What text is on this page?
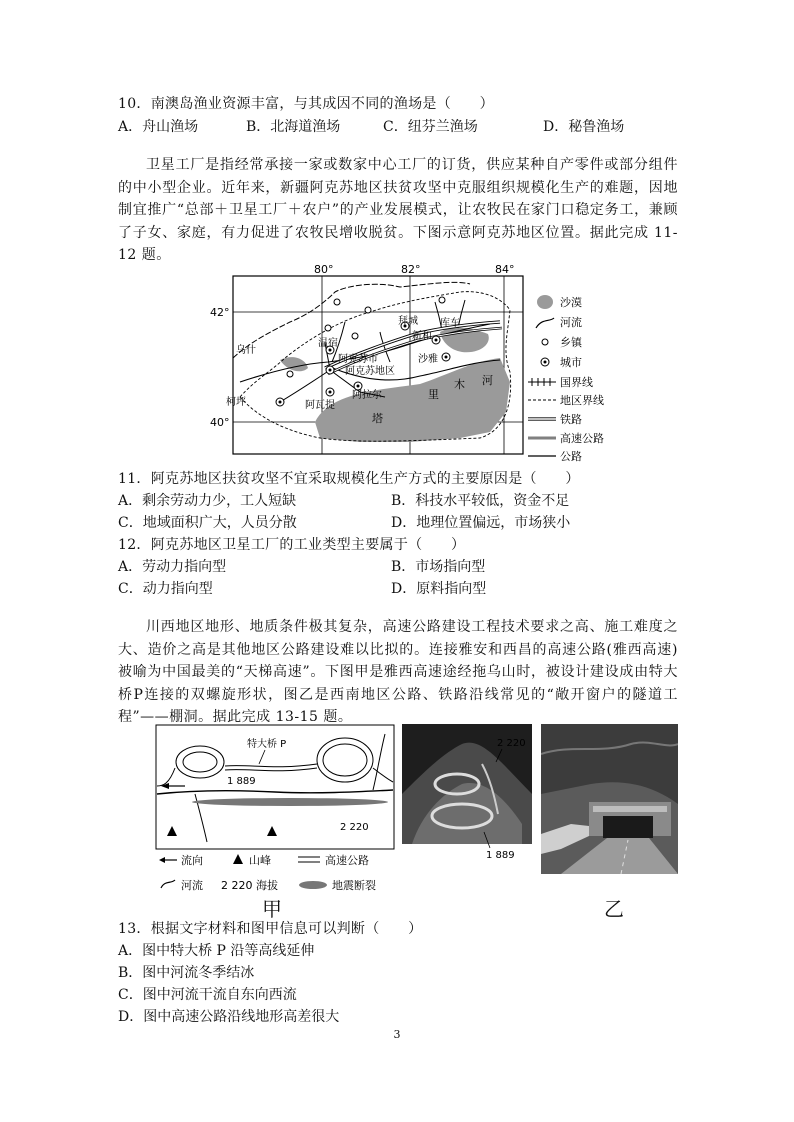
10．南澳岛渔业资源丰富，与其成因不同的渔场是（　　）
A．舟山渔场	B．北海道渔场	C．纽芬兰渔场	D．秘鲁渔场
卫星工厂是指经常承接一家或数家中心工厂的订货，供应某种自产零件或部分组件的中小型企业。近年来，新疆阿克苏地区扶贫攻坚中克服组织规模化生产的难题，因地制宜推广“总部＋卫星工厂＋农户”的产业发展模式，让农牧民在家门口稳定务工，兼顾了子女、家庭，有力促进了农牧民增收脱贫。下图示意阿克苏地区位置。据此完成 11-12 题。
80°	82°	84°
42°
40°
乌什
温宿
阿克苏市
阿克苏地区
拜城 库车
新和
沙雅
柯坪	阿瓦提
阿拉尔
塔
里
木 河
沙漠
河流
乡镇
城市
国界线
地区界线
铁路
高速公路
公路
11．阿克苏地区扶贫攻坚不宜采取规模化生产方式的主要原因是（　　）
A．剩余劳动力少，工人短缺	B．科技水平较低，资金不足
C．地域面积广大，人员分散	D．地理位置偏远，市场狭小
12．阿克苏地区卫星工厂的工业类型主要属于（　　）
A．劳动力指向型	B．市场指向型
C．动力指向型	D．原料指向型
川西地区地形、地质条件极其复杂，高速公路建设工程技术要求之高、施工难度之大、造价之高是其他地区公路建设难以比拟的。连接雅安和西昌的高速公路(雅西高速)被喻为中国最美的“天梯高速”。下图甲是雅西高速途经拖乌山时，被设计建设成由特大桥P连接的双螺旋形状，图乙是西南地区公路、铁路沿线常见的“敞开窗户的隧道工程”——棚洞。据此完成 13-15 题。
特大桥 P
1 889
2 220
流向	山峰	高速公路
河流 2 220 海拔	地震断裂
甲
2 220
1 889
乙
13．根据文字材料和图甲信息可以判断（　　）
A．图中特大桥 P 沿等高线延伸
B．图中河流冬季结冰
C．图中河流干流自东向西流
D．图中高速公路沿线地形高差很大
3
